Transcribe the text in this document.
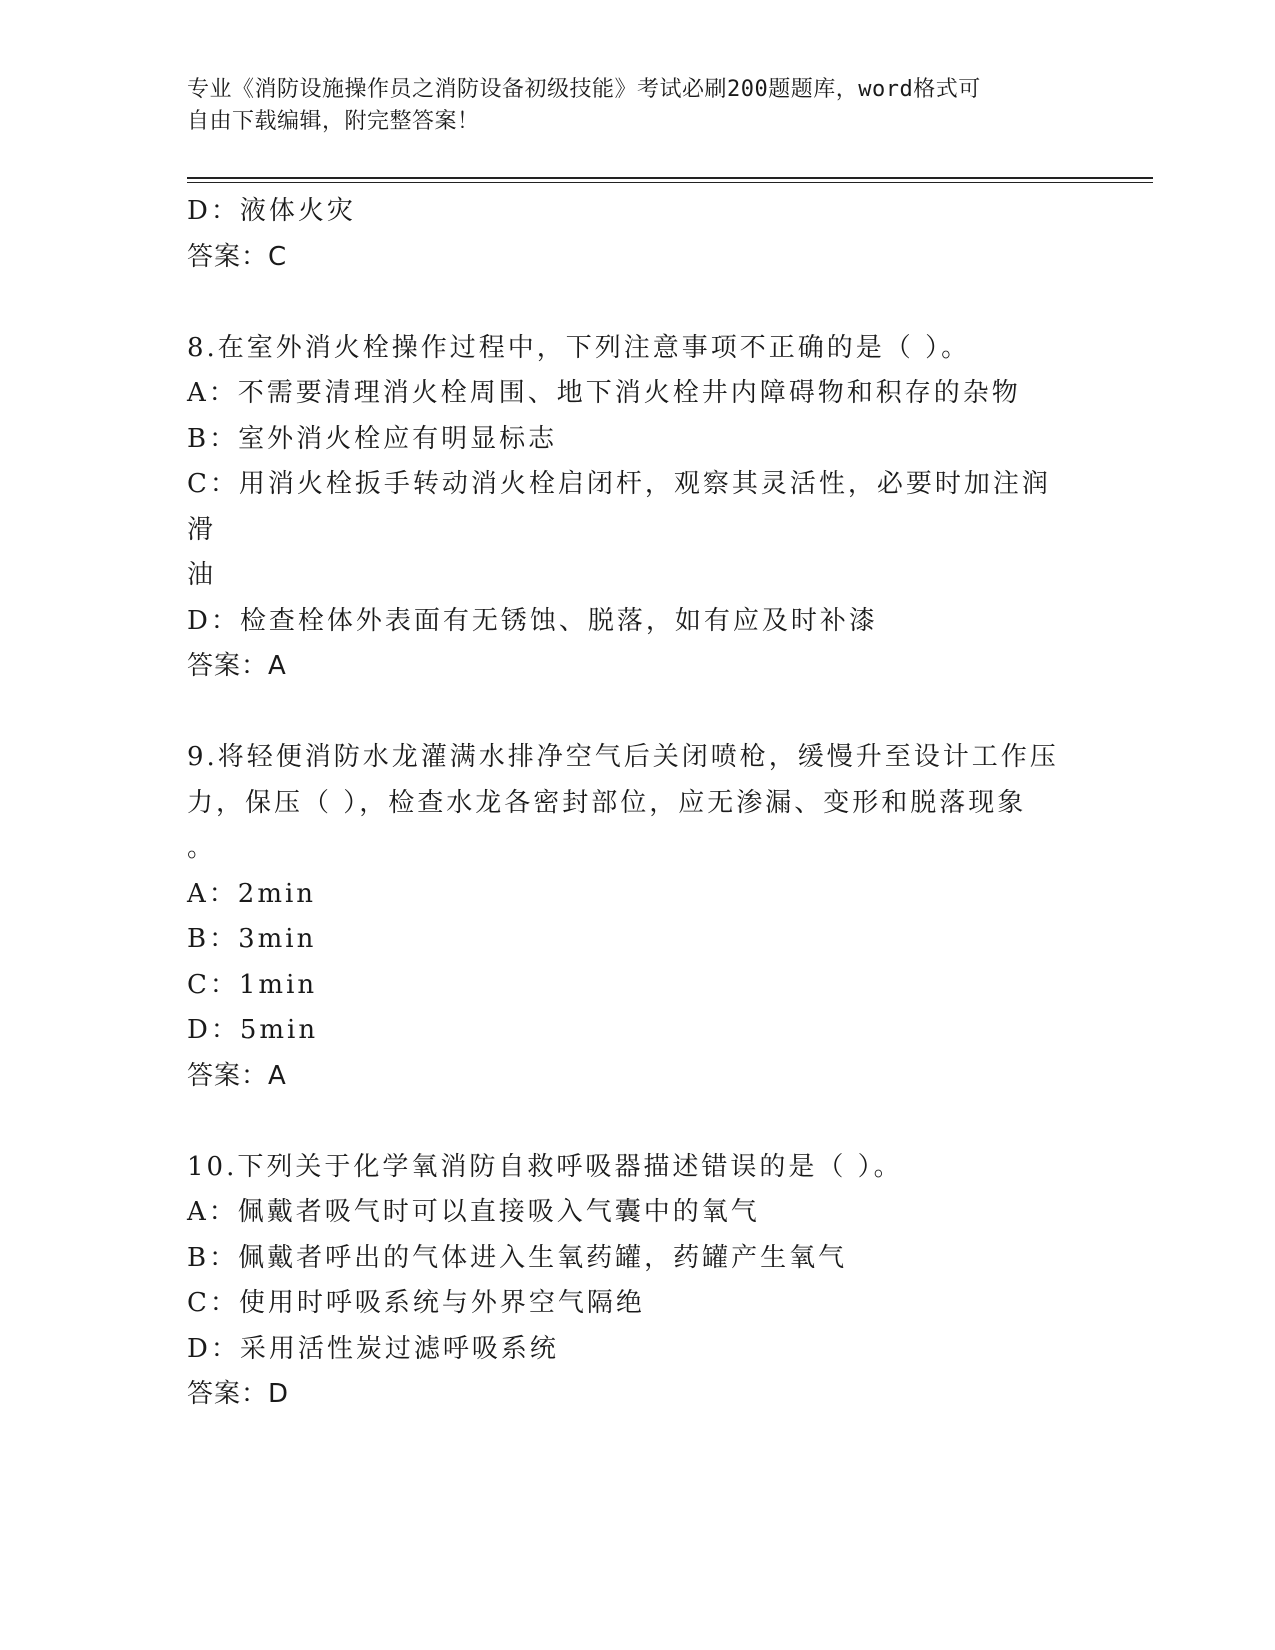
专业《消防设施操作员之消防设备初级技能》考试必刷200题题库，word格式可
自由下载编辑，附完整答案！
D：液体火灾
答案：C
8.在室外消火栓操作过程中，下列注意事项不正确的是（ ）。
A：不需要清理消火栓周围、地下消火栓井内障碍物和积存的杂物
B：室外消火栓应有明显标志
C：用消火栓扳手转动消火栓启闭杆，观察其灵活性，必要时加注润滑
油
D：检查栓体外表面有无锈蚀、脱落，如有应及时补漆
答案：A
9.将轻便消防水龙灌满水排净空气后关闭喷枪，缓慢升至设计工作压
力，保压（ ），检查水龙各密封部位，应无渗漏、变形和脱落现象
。
A：2min
B：3min
C：1min
D：5min
答案：A
10.下列关于化学氧消防自救呼吸器描述错误的是（ ）。
A：佩戴者吸气时可以直接吸入气囊中的氧气
B：佩戴者呼出的气体进入生氧药罐，药罐产生氧气
C：使用时呼吸系统与外界空气隔绝
D：采用活性炭过滤呼吸系统
答案：D
